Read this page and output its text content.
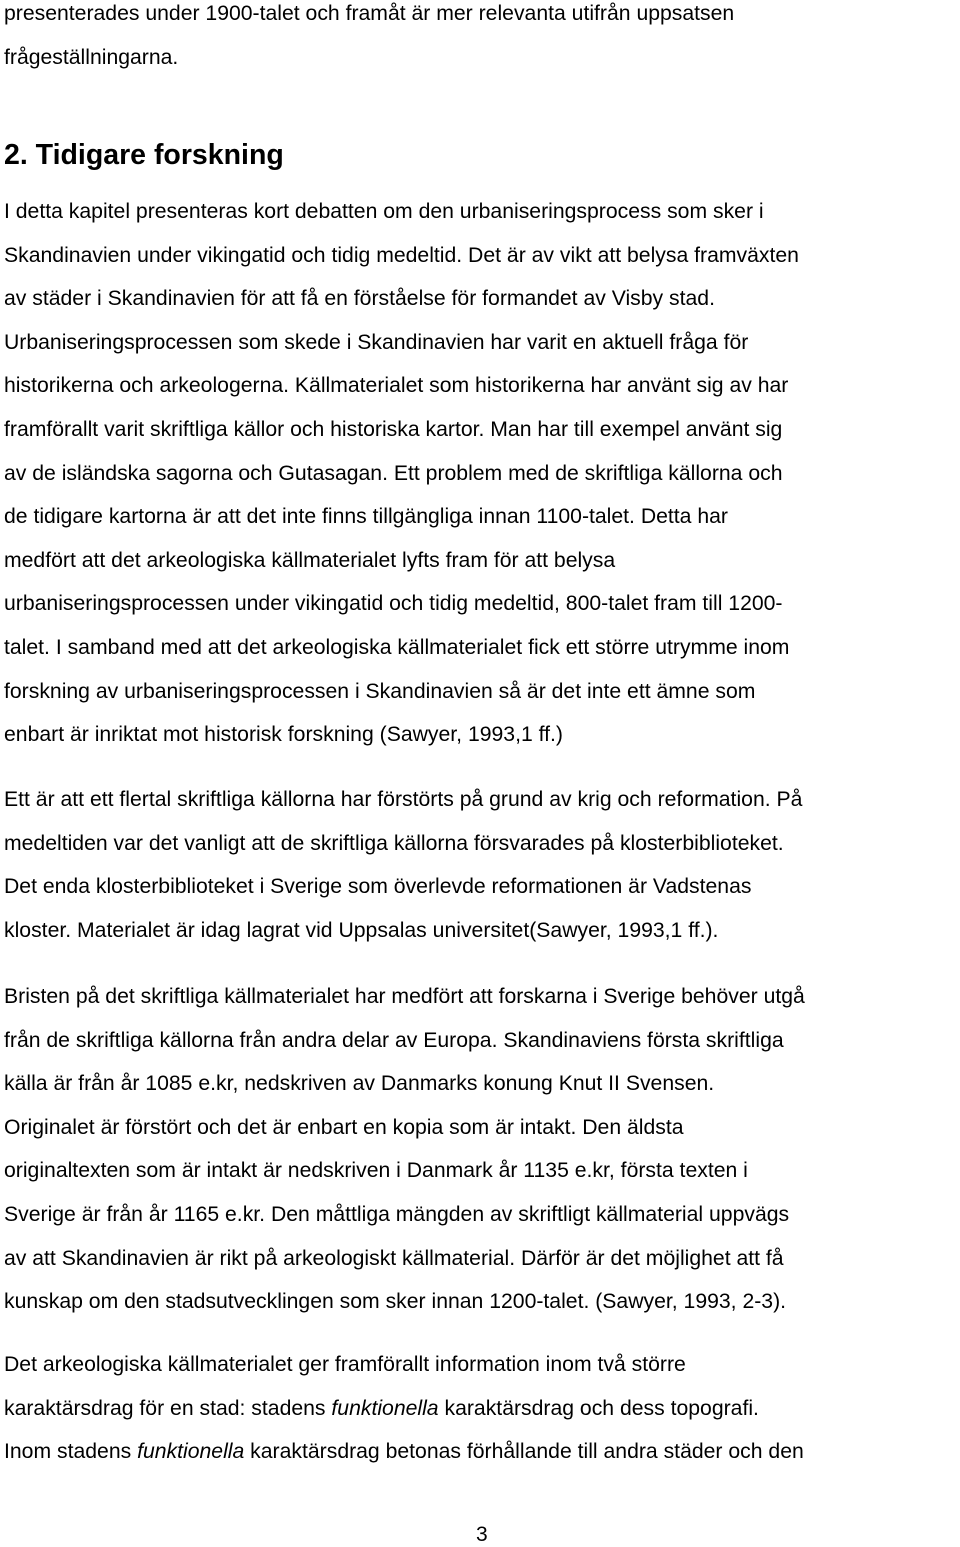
presenterades under 1900-talet och framåt är mer relevanta utifrån uppsatsen

frågeställningarna.

2. Tidigare forskning

I detta kapitel presenteras kort debatten om den urbaniseringsprocess som sker i

Skandinavien under vikingatid och tidig medeltid. Det är av vikt att belysa framväxten

av städer i Skandinavien för att få en förståelse för formandet av Visby stad.

Urbaniseringsprocessen som skede i Skandinavien har varit en aktuell fråga för

historikerna och arkeologerna. Källmaterialet som historikerna har använt sig av har

framförallt varit skriftliga källor och historiska kartor. Man har till exempel använt sig

av de isländska sagorna och Gutasagan. Ett problem med de skriftliga källorna och

de tidigare kartorna är att det inte finns tillgängliga innan 1100-talet. Detta har

medfört att det arkeologiska källmaterialet lyfts fram för att belysa

urbaniseringsprocessen under vikingatid och tidig medeltid, 800-talet fram till 1200-

talet. I samband med att det arkeologiska källmaterialet fick ett större utrymme inom

forskning av urbaniseringsprocessen i Skandinavien så är det inte ett ämne som

enbart är inriktat mot historisk forskning (Sawyer, 1993,1 ff.)

Ett är att ett flertal skriftliga källorna har förstörts på grund av krig och reformation. På

medeltiden var det vanligt att de skriftliga källorna försvarades på klosterbiblioteket.

Det enda klosterbiblioteket i Sverige som överlevde reformationen är Vadstenas

kloster. Materialet är idag lagrat vid Uppsalas universitet(Sawyer, 1993,1 ff.).

Bristen på det skriftliga källmaterialet har medfört att forskarna i Sverige behöver utgå

från de skriftliga källorna från andra delar av Europa. Skandinaviens första skriftliga

källa är från år 1085 e.kr, nedskriven av Danmarks konung Knut II Svensen.

Originalet är förstört och det är enbart en kopia som är intakt. Den äldsta

originaltexten som är intakt är nedskriven i Danmark år 1135 e.kr, första texten i

Sverige är från år 1165 e.kr. Den måttliga mängden av skriftligt källmaterial uppvägs

av att Skandinavien är rikt på arkeologiskt källmaterial. Därför är det möjlighet att få

kunskap om den stadsutvecklingen som sker innan 1200-talet. (Sawyer, 1993, 2-3).

Det arkeologiska källmaterialet ger framförallt information inom två större

karaktärsdrag för en stad: stadens funktionella karaktärsdrag och dess topografi.

Inom stadens funktionella karaktärsdrag betonas förhållande till andra städer och den

3
